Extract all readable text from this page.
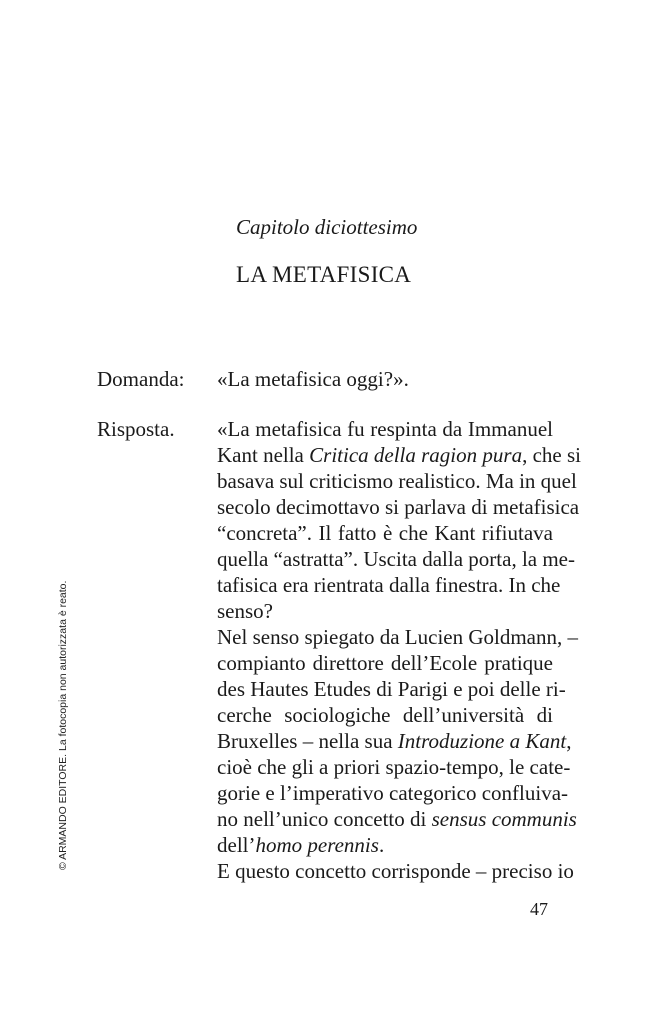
Capitolo diciottesimo
LA METAFISICA
Domanda: «La metafisica oggi?».
Risposta. «La metafisica fu respinta da Immanuel
Kant nella Critica della ragion pura, che si
basava sul criticismo realistico. Ma in quel
secolo decimottavo si parlava di metafisica
“concreta”. Il fatto è che Kant rifiutava
quella “astratta”. Uscita dalla porta, la me-
tafisica era rientrata dalla finestra. In che
senso?
Nel senso spiegato da Lucien Goldmann, –
compianto direttore dell’Ecole pratique
des Hautes Etudes di Parigi e poi delle ri-
cerche sociologiche dell’università di
Bruxelles – nella sua Introduzione a Kant,
cioè che gli a priori spazio-tempo, le cate-
gorie e l’imperativo categorico confluiva-
no nell’unico concetto di sensus communis
dell’homo perennis.
E questo concetto corrisponde – preciso io
47
© ARMANDO EDITORE. La fotocopia non autorizzata è reato.
